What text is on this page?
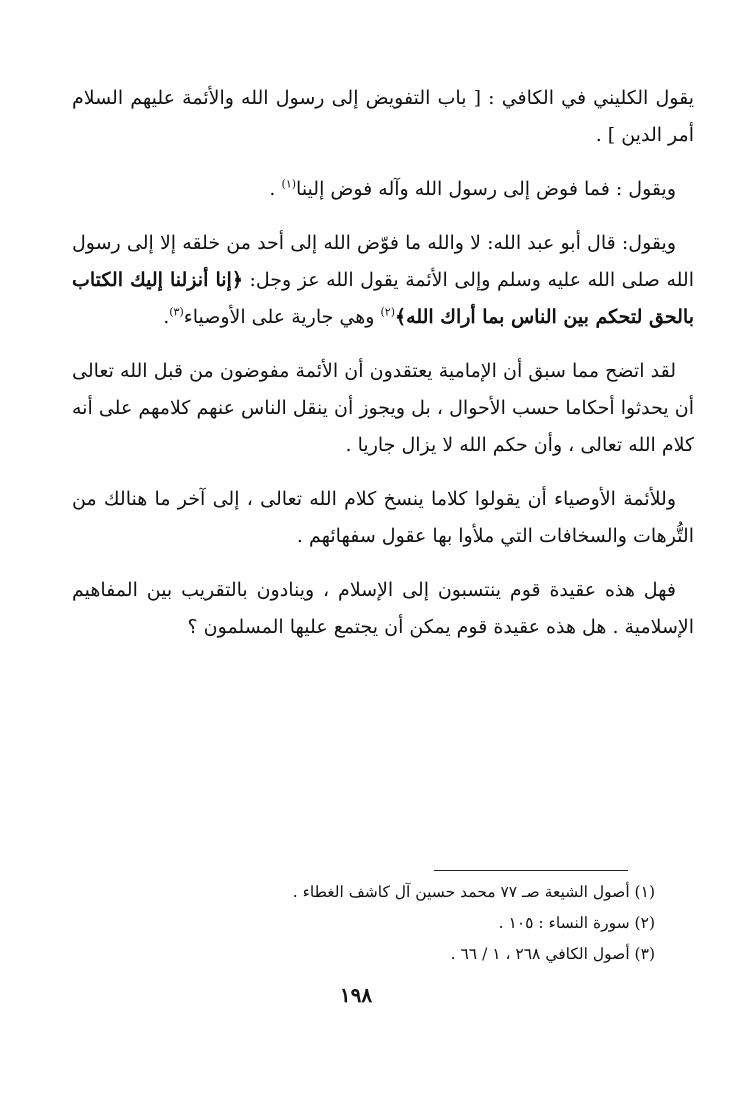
يقول الكليني في الكافي : [ باب التفويض إلى رسول الله والأئمة عليهم السلام أمر الدين ] .

ويقول : فما فوض إلى رسول الله وآله فوض إلينا$^{(١)}$ .

ويقول: قال أبو عبد الله: لا والله ما فوّض الله إلى أحد من خلقه إلا إلى رسول الله صلى الله عليه وسلم وإلى الأئمة يقول الله عز وجل: ﴿إنا أنزلنا إليك الكتاب بالحق لتحكم بين الناس بما أراك الله﴾$^{(٢)}$ وهي جارية على الأوصياء$^{(٣)}$.

لقد اتضح مما سبق أن الإمامية يعتقدون أن الأئمة مفوضون من قبل الله تعالى أن يحدثوا أحكاما حسب الأحوال ، بل ويجوز أن ينقل الناس عنهم كلامهم على أنه كلام الله تعالى ، وأن حكم الله لا يزال جاريا .

وللأئمة الأوصياء أن يقولوا كلاما ينسخ كلام الله تعالى ، إلى آخر ما هنالك من التُّرهات والسخافات التي ملأوا بها عقول سفهائهم .

فهل هذه عقيدة قوم ينتسبون إلى الإسلام ، وينادون بالتقريب بين المفاهيم الإسلامية . هل هذه عقيدة قوم يمكن أن يجتمع عليها المسلمون ؟

(١) أصول الشيعة صـ ٧٧ محمد حسين آل كاشف الغطاء .
(٢) سورة النساء : ١٠٥ .
(٣) أصول الكافي ٢٦٨ ، ١ / ٦٦ .
١٩٨
